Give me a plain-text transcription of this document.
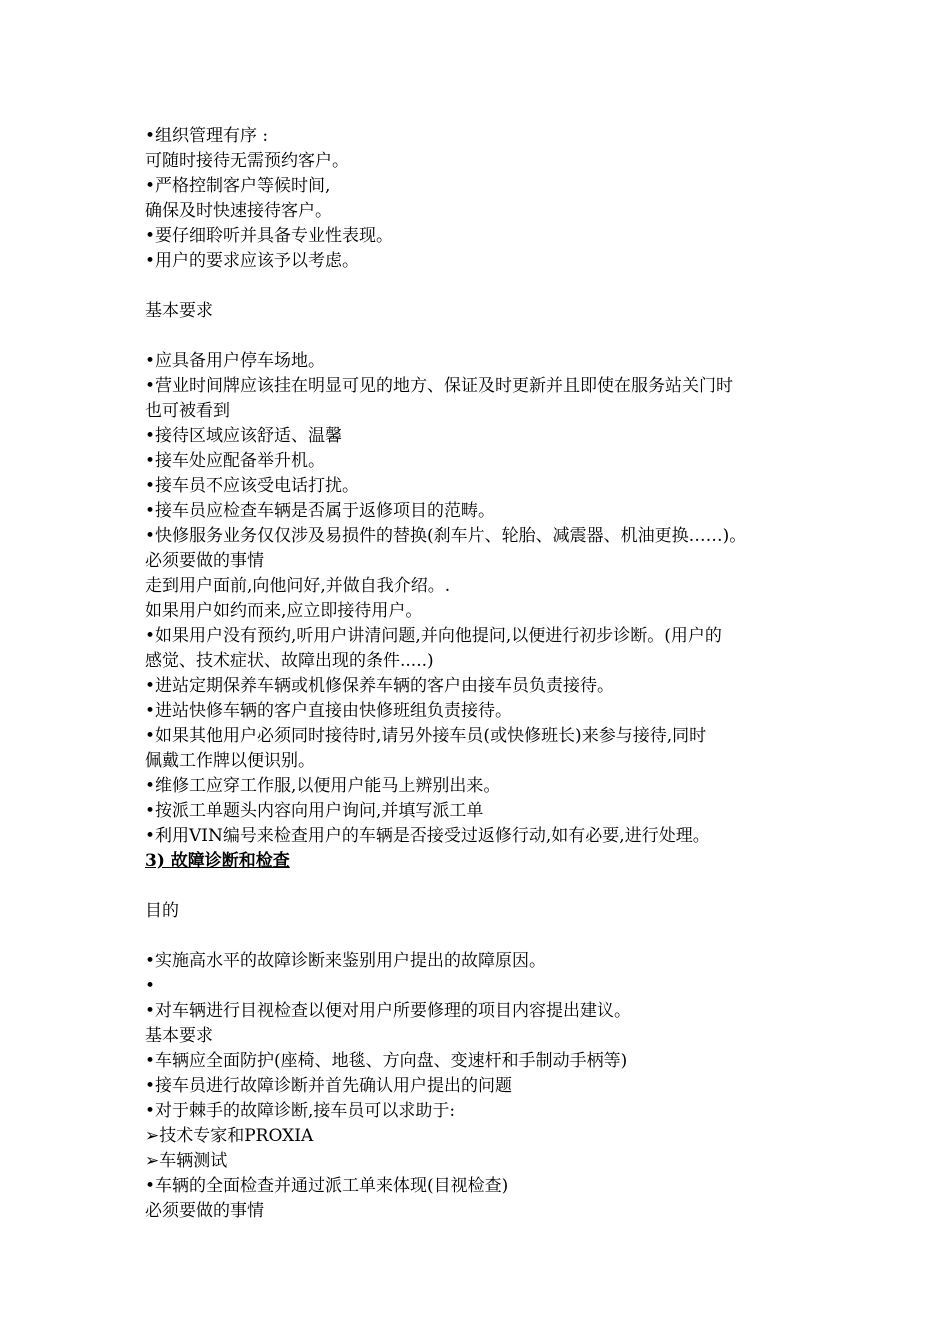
•组织管理有序 :
可随时接待无需预约客户。
•严格控制客户等候时间,
确保及时快速接待客户。
•要仔细聆听并具备专业性表现。
•用户的要求应该予以考虑。
基本要求
•应具备用户停车场地。
•营业时间牌应该挂在明显可见的地方、保证及时更新并且即使在服务站关门时
也可被看到
•接待区域应该舒适、温馨
•接车处应配备举升机。
•接车员不应该受电话打扰。
•接车员应检查车辆是否属于返修项目的范畴。
•快修服务业务仅仅涉及易损件的替换(刹车片、轮胎、减震器、机油更换……)。
必须要做的事情
走到用户面前,向他问好,并做自我介绍。.
如果用户如约而来,应立即接待用户。
•如果用户没有预约,听用户讲清问题,并向他提问,以便进行初步诊断。(用户的
感觉、技术症状、故障出现的条件.....)
•进站定期保养车辆或机修保养车辆的客户由接车员负责接待。
•进站快修车辆的客户直接由快修班组负责接待。
•如果其他用户必须同时接待时,请另外接车员(或快修班长)来参与接待,同时
佩戴工作牌以便识别。
•维修工应穿工作服,以便用户能马上辨别出来。
•按派工单题头内容向用户询问,并填写派工单
•利用VIN编号来检查用户的车辆是否接受过返修行动,如有必要,进行处理。
3) 故障诊断和检查
目的
•实施高水平的故障诊断来鉴别用户提出的故障原因。
•
•对车辆进行目视检查以便对用户所要修理的项目内容提出建议。
基本要求
•车辆应全面防护(座椅、地毯、方向盘、变速杆和手制动手柄等)
•接车员进行故障诊断并首先确认用户提出的问题
•对于棘手的故障诊断,接车员可以求助于:
➢技术专家和PROXIA
➢车辆测试
•车辆的全面检查并通过派工单来体现(目视检查)
必须要做的事情
